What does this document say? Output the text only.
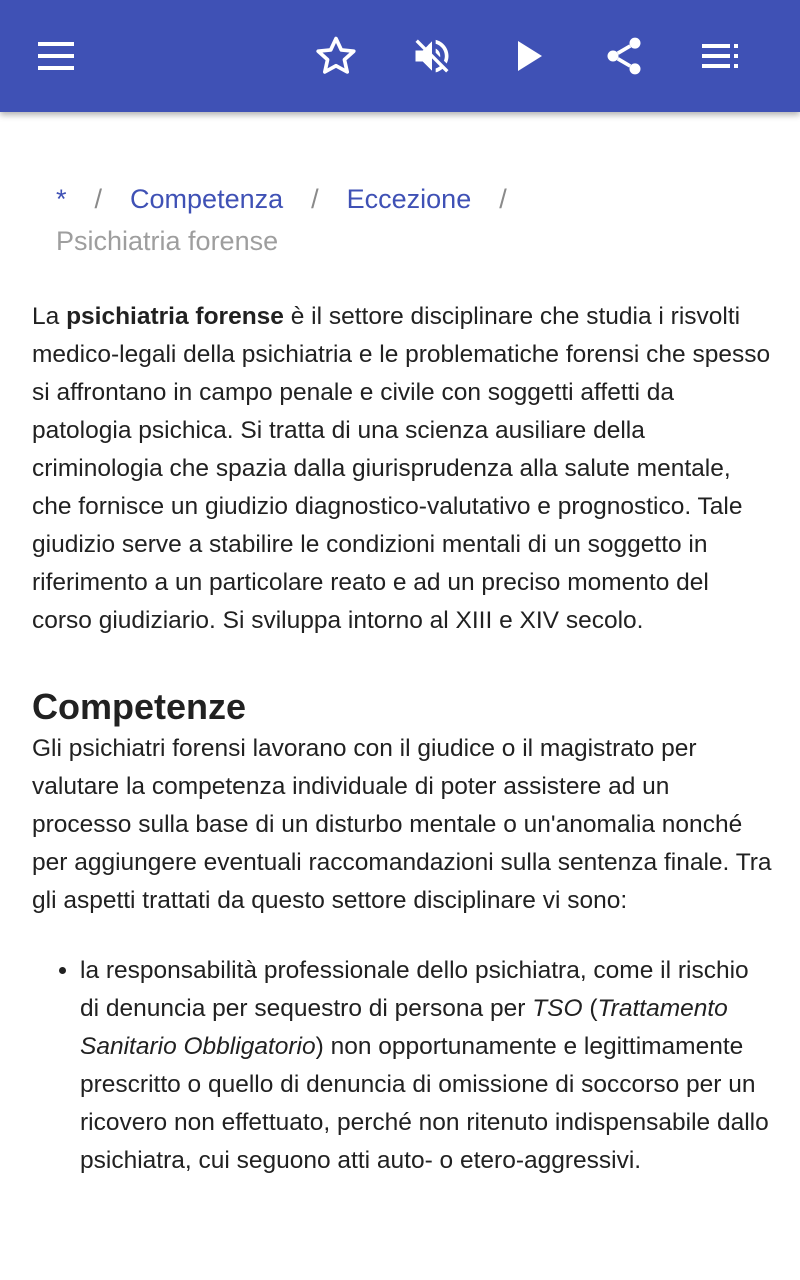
* / Competenza / Eccezione /
Psichiatria forense

La psichiatria forense è il settore disciplinare che studia i risvolti medico-legali della psichiatria e le problematiche forensi che spesso si affrontano in campo penale e civile con soggetti affetti da patologia psichica. Si tratta di una scienza ausiliare della criminologia che spazia dalla giurisprudenza alla salute mentale, che fornisce un giudizio diagnostico-valutativo e prognostico. Tale giudizio serve a stabilire le condizioni mentali di un soggetto in riferimento a un particolare reato e ad un preciso momento del corso giudiziario. Si sviluppa intorno al XIII e XIV secolo.

Competenze

Gli psichiatri forensi lavorano con il giudice o il magistrato per valutare la competenza individuale di poter assistere ad un processo sulla base di un disturbo mentale o un'anomalia nonché per aggiungere eventuali raccomandazioni sulla sentenza finale. Tra gli aspetti trattati da questo settore disciplinare vi sono:

• la responsabilità professionale dello psichiatra, come il rischio di denuncia per sequestro di persona per TSO (Trattamento Sanitario Obbligatorio) non opportunamente e legittimamente prescritto o quello di denuncia di omissione di soccorso per un ricovero non effettuato, perché non ritenuto indispensabile dallo psichiatra, cui seguono atti auto- o etero-aggressivi.
